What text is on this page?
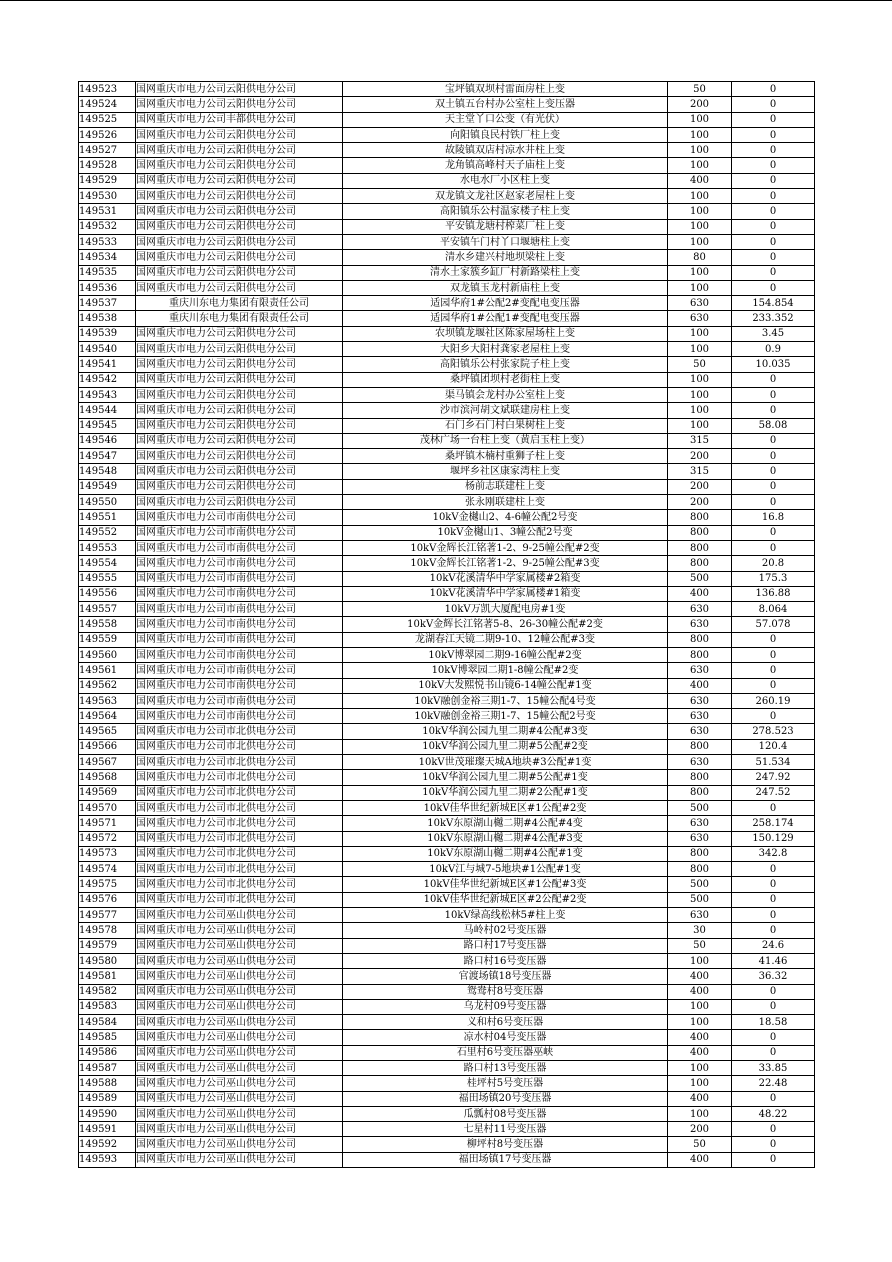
149523	国网重庆市电力公司云阳供电分公司	宝坪镇双坝村雷面房柱上变	50	0
149524	国网重庆市电力公司云阳供电分公司	双土镇五台村办公室柱上变压器	200	0
149525	国网重庆市电力公司丰都供电分公司	天主堂丫口公变（有光伏）	100	0
149526	国网重庆市电力公司云阳供电分公司	向阳镇良民村铁厂柱上变	100	0
149527	国网重庆市电力公司云阳供电分公司	故陵镇双店村凉水井柱上变	100	0
149528	国网重庆市电力公司云阳供电分公司	龙角镇高峰村天子庙柱上变	100	0
149529	国网重庆市电力公司云阳供电分公司	水电水厂小区柱上变	400	0
149530	国网重庆市电力公司云阳供电分公司	双龙镇文龙社区赵家老屋柱上变	100	0
149531	国网重庆市电力公司云阳供电分公司	高阳镇乐公村温家楼子柱上变	100	0
149532	国网重庆市电力公司云阳供电分公司	平安镇龙塘村榨菜厂柱上变	100	0
149533	国网重庆市电力公司云阳供电分公司	平安镇午门村丫口堰塘柱上变	100	0
149534	国网重庆市电力公司云阳供电分公司	清水乡建兴村地坝梁柱上变	80	0
149535	国网重庆市电力公司云阳供电分公司	清水土家簇乡缸厂村新路梁柱上变	100	0
149536	国网重庆市电力公司云阳供电分公司	双龙镇玉龙村新庙柱上变	100	0
149537	重庆川东电力集团有限责任公司	适园华府1#公配2#变配电变压器	630	154.854
149538	重庆川东电力集团有限责任公司	适园华府1#公配1#变配电变压器	630	233.352
149539	国网重庆市电力公司云阳供电分公司	农坝镇龙堰社区陈家屋场柱上变	100	3.45
149540	国网重庆市电力公司云阳供电分公司	大阳乡大阳村龚家老屋柱上变	100	0.9
149541	国网重庆市电力公司云阳供电分公司	高阳镇乐公村张家院子柱上变	50	10.035
149542	国网重庆市电力公司云阳供电分公司	桑坪镇团坝村老街柱上变	100	0
149543	国网重庆市电力公司云阳供电分公司	渠马镇会龙村办公室柱上变	100	0
149544	国网重庆市电力公司云阳供电分公司	沙市滨河胡文斌联建房柱上变	100	0
149545	国网重庆市电力公司云阳供电分公司	石门乡石门村白果树柱上变	100	58.08
149546	国网重庆市电力公司云阳供电分公司	茂林广场一台柱上变（黄启玉柱上变）	315	0
149547	国网重庆市电力公司云阳供电分公司	桑坪镇木楠村重狮子柱上变	200	0
149548	国网重庆市电力公司云阳供电分公司	堰坪乡社区康家湾柱上变	315	0
149549	国网重庆市电力公司云阳供电分公司	杨前志联建柱上变	200	0
149550	国网重庆市电力公司云阳供电分公司	张永刚联建柱上变	200	0
149551	国网重庆市电力公司市南供电分公司	10kV金樾山2、4-6幢公配2号变	800	16.8
149552	国网重庆市电力公司市南供电分公司	10kV金樾山1、3幢公配2号变	800	0
149553	国网重庆市电力公司市南供电分公司	10kV金辉长江铭著1-2、9-25幢公配#2变	800	0
149554	国网重庆市电力公司市南供电分公司	10kV金辉长江铭著1-2、9-25幢公配#3变	800	20.8
149555	国网重庆市电力公司市南供电分公司	10kV花溪清华中学家属楼#2箱变	500	175.3
149556	国网重庆市电力公司市南供电分公司	10kV花溪清华中学家属楼#1箱变	400	136.88
149557	国网重庆市电力公司市南供电分公司	10kV万凯大厦配电房#1变	630	8.064
149558	国网重庆市电力公司市南供电分公司	10kV金辉长江铭著5-8、26-30幢公配#2变	630	57.078
149559	国网重庆市电力公司市南供电分公司	龙湖春江天镜二期9-10、12幢公配#3变	800	0
149560	国网重庆市电力公司市南供电分公司	10kV博翠园二期9-16幢公配#2变	800	0
149561	国网重庆市电力公司市南供电分公司	10kV博翠园二期1-8幢公配#2变	630	0
149562	国网重庆市电力公司市南供电分公司	10kV大发熙悦书山镜6-14幢公配#1变	400	0
149563	国网重庆市电力公司市南供电分公司	10kV融创金裕三期1-7、15幢公配4号变	630	260.19
149564	国网重庆市电力公司市南供电分公司	10kV融创金裕三期1-7、15幢公配2号变	630	0
149565	国网重庆市电力公司市北供电分公司	10kV华润公园九里二期#4公配#3变	630	278.523
149566	国网重庆市电力公司市北供电分公司	10kV华润公园九里二期#5公配#2变	800	120.4
149567	国网重庆市电力公司市北供电分公司	10kV世茂璀璨天城A地块#3公配#1变	630	51.534
149568	国网重庆市电力公司市北供电分公司	10kV华润公园九里二期#5公配#1变	800	247.92
149569	国网重庆市电力公司市北供电分公司	10kV华润公园九里二期#2公配#1变	800	247.52
149570	国网重庆市电力公司市北供电分公司	10kV佳华世纪新城E区#1公配#2变	500	0
149571	国网重庆市电力公司市北供电分公司	10kV东原湖山樾二期#4公配#4变	630	258.174
149572	国网重庆市电力公司市北供电分公司	10kV东原湖山樾二期#4公配#3变	630	150.129
149573	国网重庆市电力公司市北供电分公司	10kV东原湖山樾二期#4公配#1变	800	342.8
149574	国网重庆市电力公司市北供电分公司	10kV江与城7-5地块#1公配#1变	800	0
149575	国网重庆市电力公司市北供电分公司	10kV佳华世纪新城E区#1公配#3变	500	0
149576	国网重庆市电力公司市北供电分公司	10kV佳华世纪新城E区#2公配#2变	500	0
149577	国网重庆市电力公司巫山供电分公司	10kV绿高线松林5#柱上变	630	0
149578	国网重庆市电力公司巫山供电分公司	马岭村02号变压器	30	0
149579	国网重庆市电力公司巫山供电分公司	路口村17号变压器	50	24.6
149580	国网重庆市电力公司巫山供电分公司	路口村16号变压器	100	41.46
149581	国网重庆市电力公司巫山供电分公司	官渡场镇18号变压器	400	36.32
149582	国网重庆市电力公司巫山供电分公司	鸳鸯村8号变压器	400	0
149583	国网重庆市电力公司巫山供电分公司	乌龙村09号变压器	100	0
149584	国网重庆市电力公司巫山供电分公司	义和村6号变压器	100	18.58
149585	国网重庆市电力公司巫山供电分公司	凉水村04号变压器	400	0
149586	国网重庆市电力公司巫山供电分公司	石里村6号变压器巫峡	400	0
149587	国网重庆市电力公司巫山供电分公司	路口村13号变压器	100	33.85
149588	国网重庆市电力公司巫山供电分公司	桂坪村5号变压器	100	22.48
149589	国网重庆市电力公司巫山供电分公司	福田场镇20号变压器	400	0
149590	国网重庆市电力公司巫山供电分公司	瓜瓢村08号变压器	100	48.22
149591	国网重庆市电力公司巫山供电分公司	七星村11号变压器	200	0
149592	国网重庆市电力公司巫山供电分公司	柳坪村8号变压器	50	0
149593	国网重庆市电力公司巫山供电分公司	福田场镇17号变压器	400	0
